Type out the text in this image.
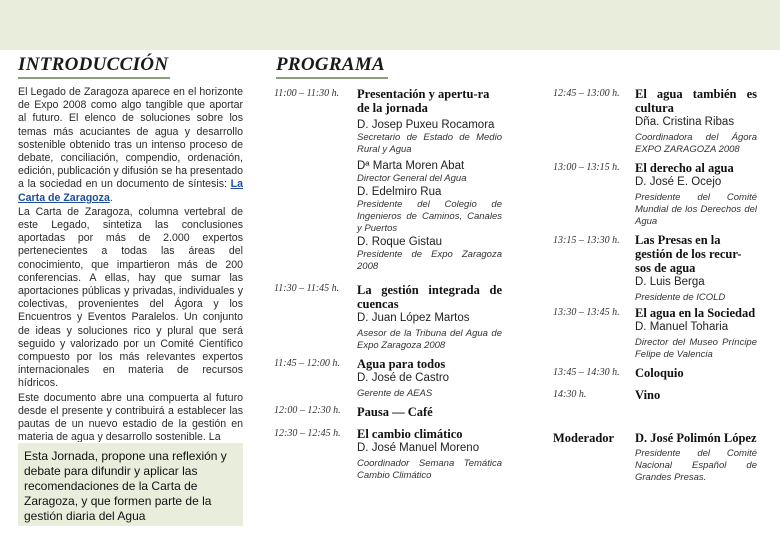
INTRODUCCIÓN

El Legado de Zaragoza aparece en el horizonte de Expo 2008 como algo tangible que aportar al futuro. El elenco de soluciones sobre los temas más acuciantes de agua y desarrollo sostenible obtenido tras un intenso proceso de debate, conciliación, compendio, ordenación, edición, publicación y difusión se ha presentado a la sociedad en un documento de síntesis: La Carta de Zaragoza.

La Carta de Zaragoza, columna vertebral de este Legado, sintetiza las conclusiones aportadas por más de 2.000 expertos pertenecientes a todas las áreas del conocimiento, que impartieron más de 200 conferencias. A ellas, hay que sumar las aportaciones públicas y privadas, individuales y colectivas, provenientes del Ágora y los Encuentros y Eventos Paralelos. Un conjunto de ideas y soluciones rico y plural que será seguido y valorizado por un Comité Científico compuesto por los más relevantes expertos internacionales en materia de recursos hídricos.

Este documento abre una compuerta al futuro desde el presente y contribuirá a establecer las pautas de un nuevo estadio de la gestión en materia de agua y desarrollo sostenible. La

Esta Jornada, propone una reflexión y debate para difundir y aplicar las recomendaciones de la Carta de Zaragoza, y que formen parte de la gestión diaria del Agua
PROGRAMA
11:00 – 11:30 h. Presentación y apertu-ra de la jornada
D. Josep Puxeu Rocamora
Secretario de Estado de Medio Rural y Agua
Dª Marta Moren Abat
Director General del Agua
D. Edelmiro Rua
Presidente del Colegio de Ingenieros de Caminos, Canales y Puertos
D. Roque Gistau
Presidente de Expo Zaragoza 2008
11:30 – 11:45 h. La gestión integrada de cuencas
D. Juan López Martos
Asesor de la Tribuna del Agua de Expo Zaragoza 2008
11:45 – 12:00 h. Agua para todos
D. José de Castro
Gerente de AEAS
12:00 – 12:30 h. Pausa — Café
12:30 – 12:45 h. El cambio climático
D. José Manuel Moreno
Coordinador Semana Temática Cambio Climático
12:45 – 13:00 h. El agua también es cultura
Dña. Cristina Ribas
Coordinadora del Ágora EXPO ZARAGOZA 2008
13:00 – 13:15 h. El derecho al agua
D. José E. Ocejo
Presidente del Comité Mundial de los Derechos del Agua
13:15 – 13:30 h. Las Presas en la gestión de los recur-sos de agua
D. Luis Berga
Presidente de ICOLD
13:30 – 13:45 h. El agua en la Sociedad
D. Manuel Toharia
Director del Museo Príncipe Felipe de Valencia
13:45 – 14:30 h. Coloquio
14:30 h.	Vino
Moderador D. José Polimón López
Presidente del Comité Nacional Español de Grandes Presas.
